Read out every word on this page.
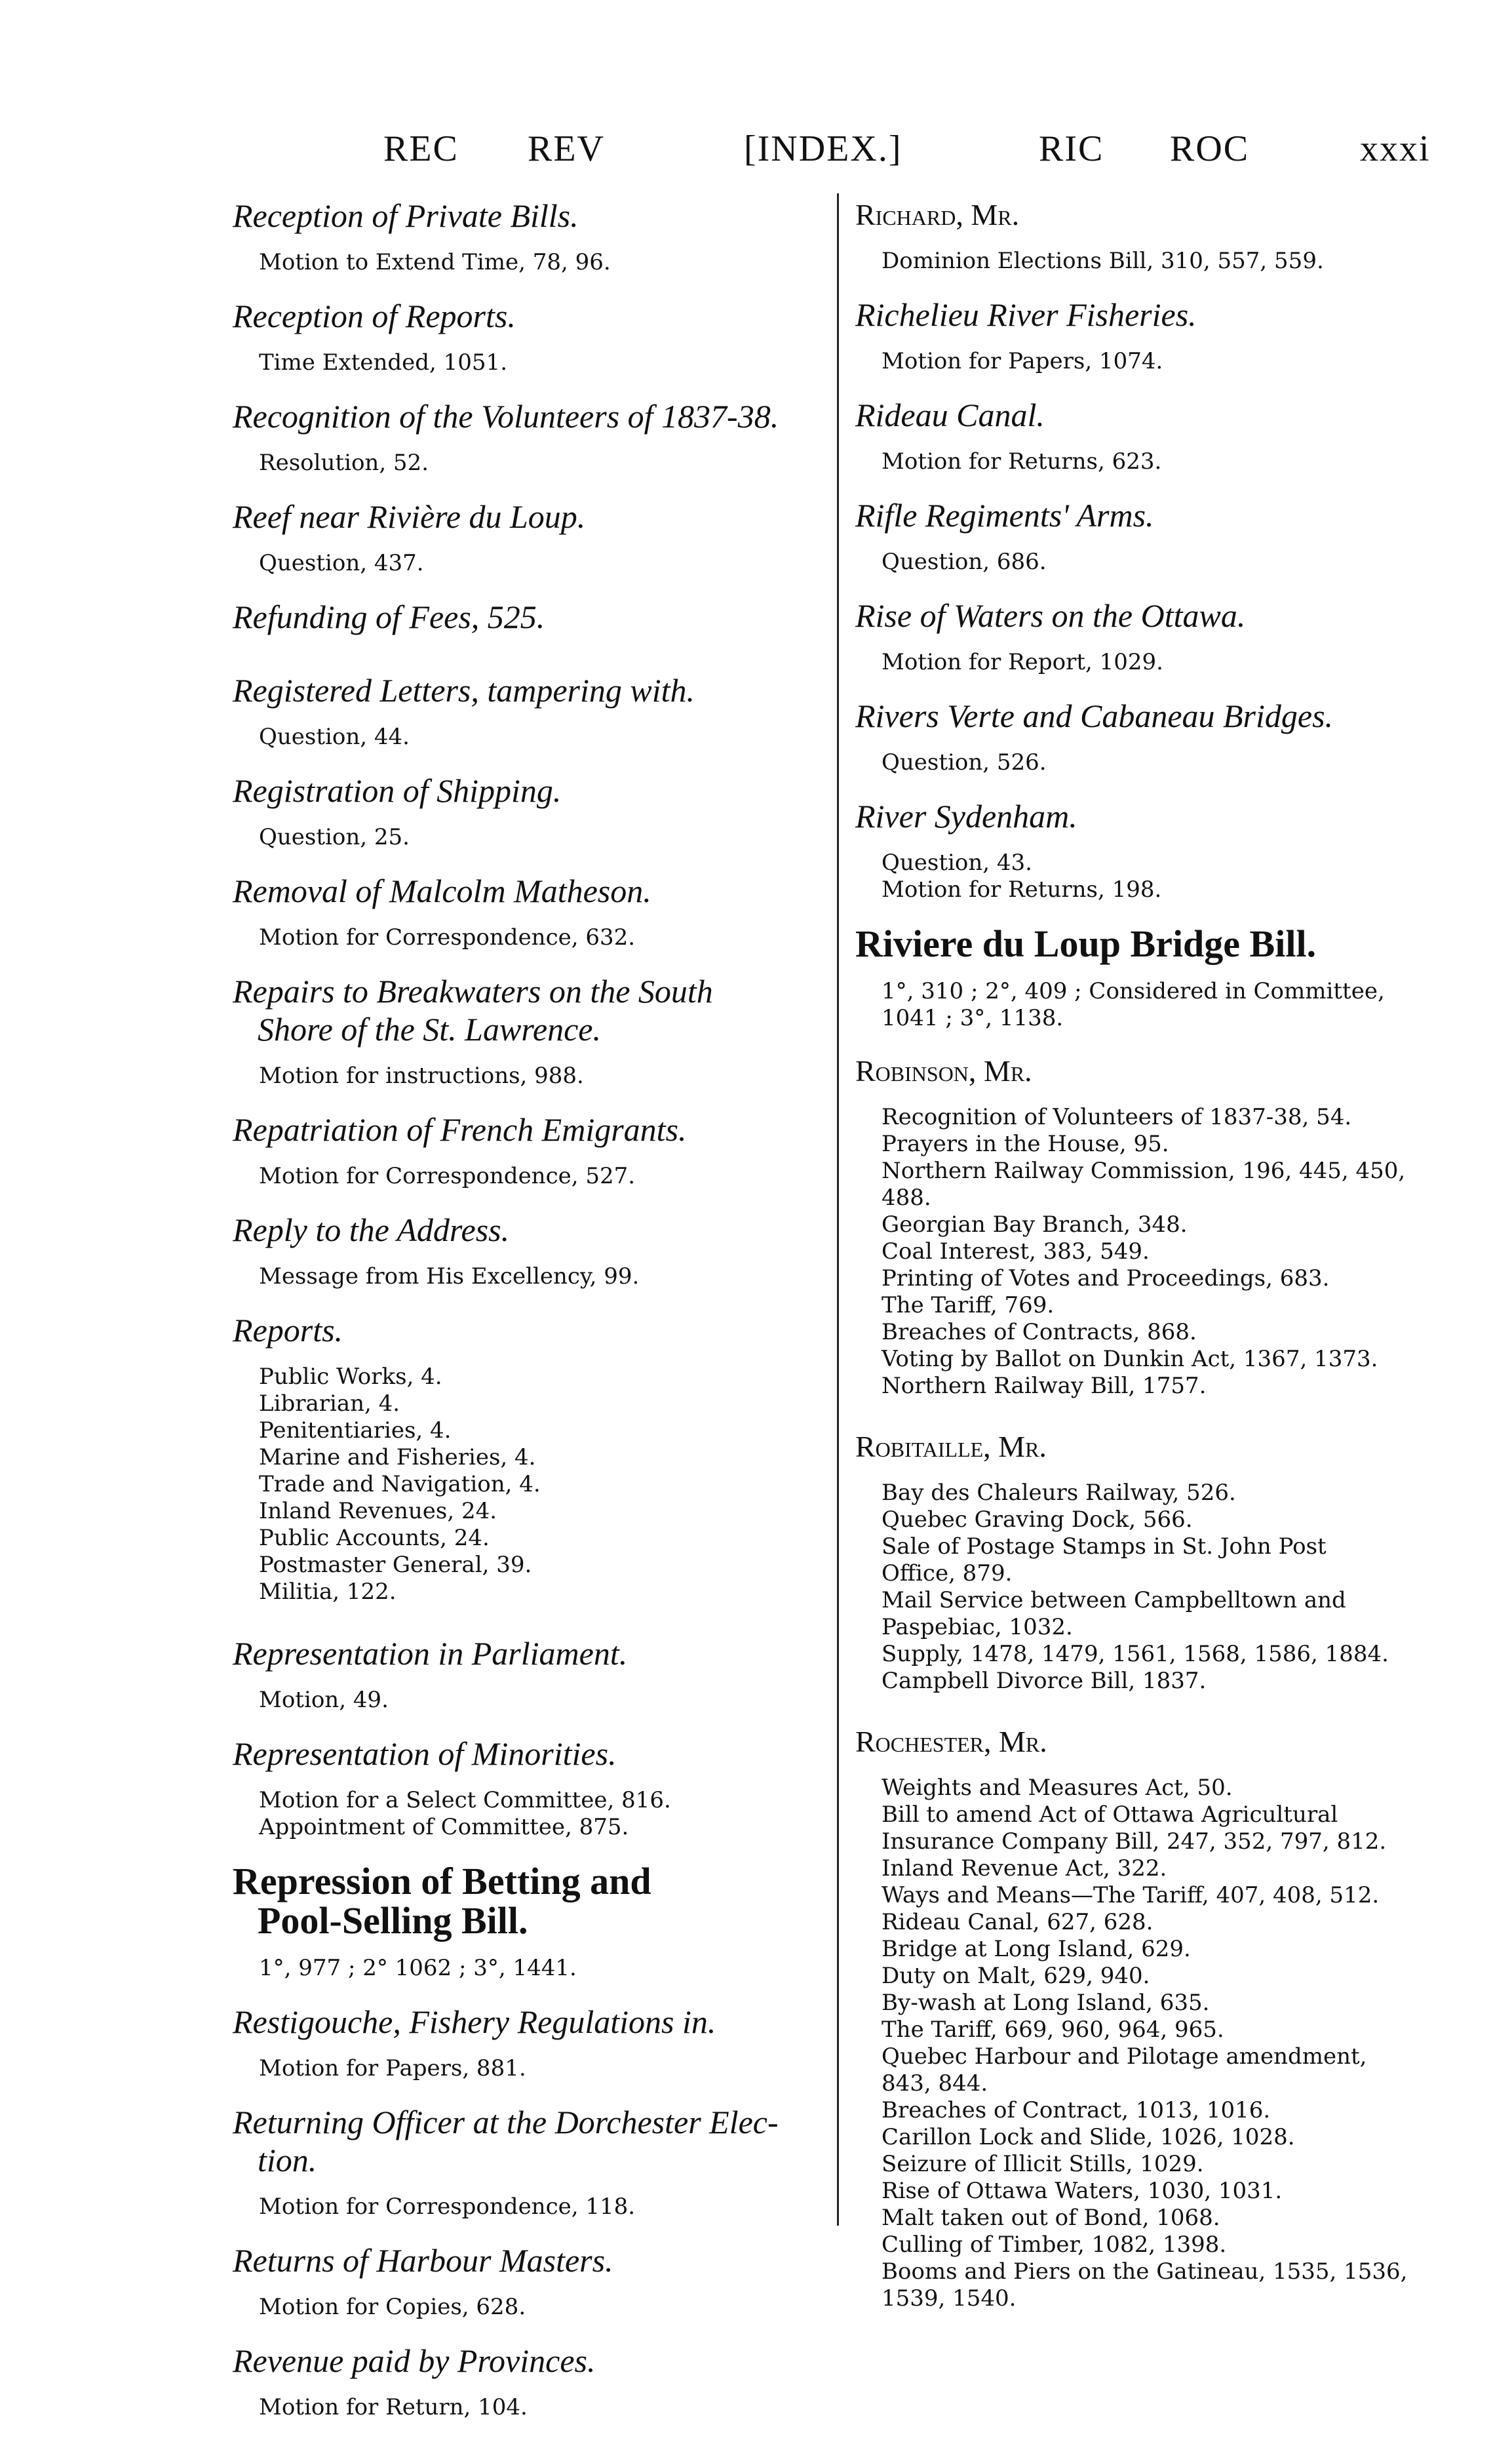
REC REV	[INDEX.]	RIC ROC	xxxi

Reception of Private Bills.

Motion to Extend Time, 78, 96.

Reception of Reports.

Time Extended, 1051.

Recognition of the Volunteers of 1837-38.

Resolution, 52.

Reef near Rivière du Loup.

Question, 437.

Refunding of Fees, 525.

Registered Letters, tampering with.

Question, 44.

Registration of Shipping.

Question, 25.

Removal of Malcolm Matheson.

Motion for Correspondence, 632.

Repairs to Breakwaters on the South
Shore of the St. Lawrence.

Motion for instructions, 988.

Repatriation of French Emigrants.

Motion for Correspondence, 527.

Reply to the Address.

Message from His Excellency, 99.

Reports.

Public Works, 4.

Librarian, 4.

Penitentiaries, 4.

Marine and Fisheries, 4.

Trade and Navigation, 4.

Inland Revenues, 24.

Public Accounts, 24.

Postmaster General, 39.

Militia, 122.

Representation in Parliament.

Motion, 49.

Representation of Minorities.

Motion for a Select Committee, 816.

Appointment of Committee, 875.

Repression of Betting and
Pool-Selling Bill.

1°, 977 ; 2° 1062 ; 3°, 1441.

Restigouche, Fishery Regulations in.

Motion for Papers, 881.

Returning Officer at the Dorchester Elec-
tion.

Motion for Correspondence, 118.

Returns of Harbour Masters.

Motion for Copies, 628.

Revenue paid by Provinces.

Motion for Return, 104.

Richard, Mr.

Dominion Elections Bill, 310, 557, 559.

Richelieu River Fisheries.

Motion for Papers, 1074.

Rideau Canal.

Motion for Returns, 623.

Rifle Regiments' Arms.

Question, 686.

Rise of Waters on the Ottawa.

Motion for Report, 1029.

Rivers Verte and Cabaneau Bridges.

Question, 526.

River Sydenham.

Question, 43.

Motion for Returns, 198.

Riviere du Loup Bridge Bill.

1°, 310 ; 2°, 409 ; Considered in Committee,

1041 ; 3°, 1138.

Robinson, Mr.

Recognition of Volunteers of 1837-38, 54.

Prayers in the House, 95.

Northern Railway Commission, 196, 445, 450,

488.

Georgian Bay Branch, 348.

Coal Interest, 383, 549.

Printing of Votes and Proceedings, 683.

The Tariff, 769.

Breaches of Contracts, 868.

Voting by Ballot on Dunkin Act, 1367, 1373.

Northern Railway Bill, 1757.

Robitaille, Mr.

Bay des Chaleurs Railway, 526.

Quebec Graving Dock, 566.

Sale of Postage Stamps in St. John Post

Office, 879.

Mail Service between Campbelltown and

Paspebiac, 1032.

Supply, 1478, 1479, 1561, 1568, 1586, 1884.

Campbell Divorce Bill, 1837.

Rochester, Mr.

Weights and Measures Act, 50.

Bill to amend Act of Ottawa Agricultural

Insurance Company Bill, 247, 352, 797, 812.

Inland Revenue Act, 322.

Ways and Means—The Tariff, 407, 408, 512.

Rideau Canal, 627, 628.

Bridge at Long Island, 629.

Duty on Malt, 629, 940.

By-wash at Long Island, 635.

The Tariff, 669, 960, 964, 965.

Quebec Harbour and Pilotage amendment,

843, 844.

Breaches of Contract, 1013, 1016.

Carillon Lock and Slide, 1026, 1028.

Seizure of Illicit Stills, 1029.

Rise of Ottawa Waters, 1030, 1031.

Malt taken out of Bond, 1068.

Culling of Timber, 1082, 1398.

Booms and Piers on the Gatineau, 1535, 1536,

1539, 1540.
